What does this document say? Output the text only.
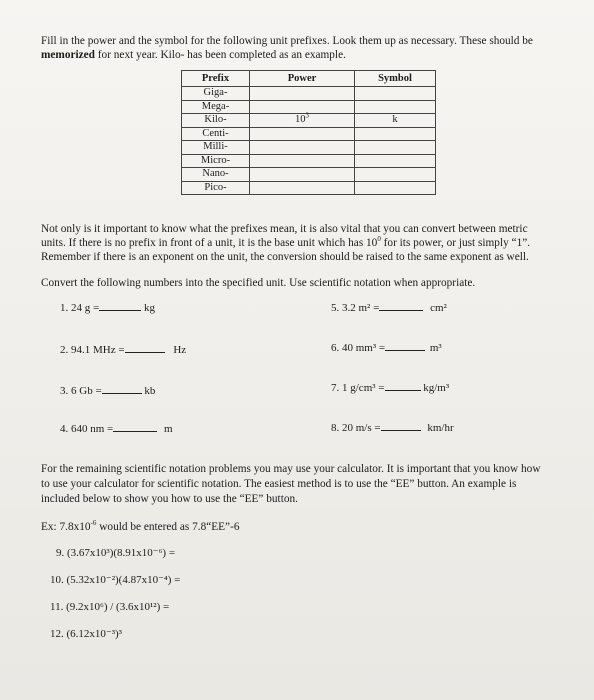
Fill in the power and the symbol for the following unit prefixes. Look them up as necessary. These should be
memorized for next year. Kilo- has been completed as an example.
Prefix	Power	Symbol
Giga-		
Mega-		
Kilo-	$10^3$	k
Centi-		
Milli-		
Micro-		
Nano-		
Pico-		
Not only is it important to know what the prefixes mean, it is also vital that you can convert between metric
units. If there is no prefix in front of a unit, it is the base unit which has $10^0$ for its power, or just simply “1”.
Remember if there is an exponent on the unit, the conversion should be raised to the same exponent as well.
Convert the following numbers into the specified unit. Use scientific notation when appropriate.
1. 24 g =	kg
2. 94.1 MHz =	Hz
3. 6 Gb =	kb
4. 640 nm =	m
5. 3.2 m² =	cm²
6. 40 mm³ =	m³
7. 1 g/cm³ =	kg/m³
8. 20 m/s =	km/hr
For the remaining scientific notation problems you may use your calculator. It is important that you know how
to use your calculator for scientific notation. The easiest method is to use the “EE” button. An example is
included below to show you how to use the “EE” button.
Ex: $7.8x10^{-6}$ would be entered as 7.8“EE”-6
9. (3.67x10³)(8.91x10⁻⁶) =
10. (5.32x10⁻²)(4.87x10⁻⁴) =
11. (9.2x10⁶) / (3.6x10¹²) =
12. (6.12x10⁻³)³
